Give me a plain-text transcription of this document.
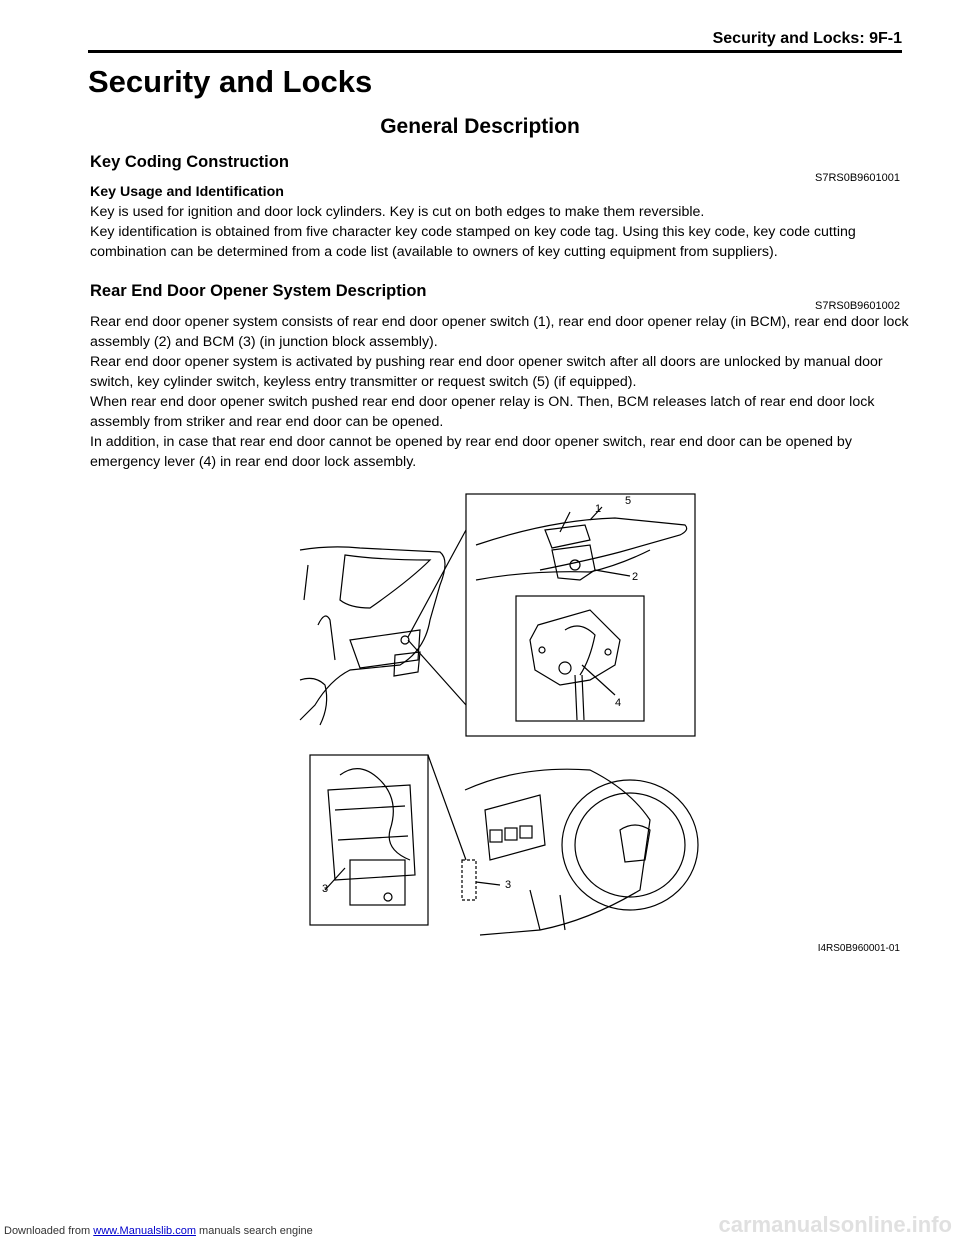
Security and Locks: 9F-1
Security and Locks
General Description
Key Coding Construction
S7RS0B9601001

Key Usage and Identification

Key is used for ignition and door lock cylinders. Key is cut on both edges to make them reversible.

Key identification is obtained from five character key code stamped on key code tag. Using this key code, key code cutting combination can be determined from a code list (available to owners of key cutting equipment from suppliers).

Rear End Door Opener System Description
S7RS0B9601002

Rear end door opener system consists of rear end door opener switch (1), rear end door opener relay (in BCM), rear end door lock assembly (2) and BCM (3) (in junction block assembly).

Rear end door opener system is activated by pushing rear end door opener switch after all doors are unlocked by manual door switch, key cylinder switch, keyless entry transmitter or request switch (5) (if equipped).

When rear end door opener switch pushed rear end door opener relay is ON. Then, BCM releases latch of rear end door lock assembly from striker and rear end door can be opened.

In addition, in case that rear end door cannot be opened by rear end door opener switch, rear end door can be opened by emergency lever (4) in rear end door lock assembly.

1
5
2
4
3	3
I4RS0B960001-01
Downloaded from www.Manualslib.com manuals search engine	carmanualsonline.info
